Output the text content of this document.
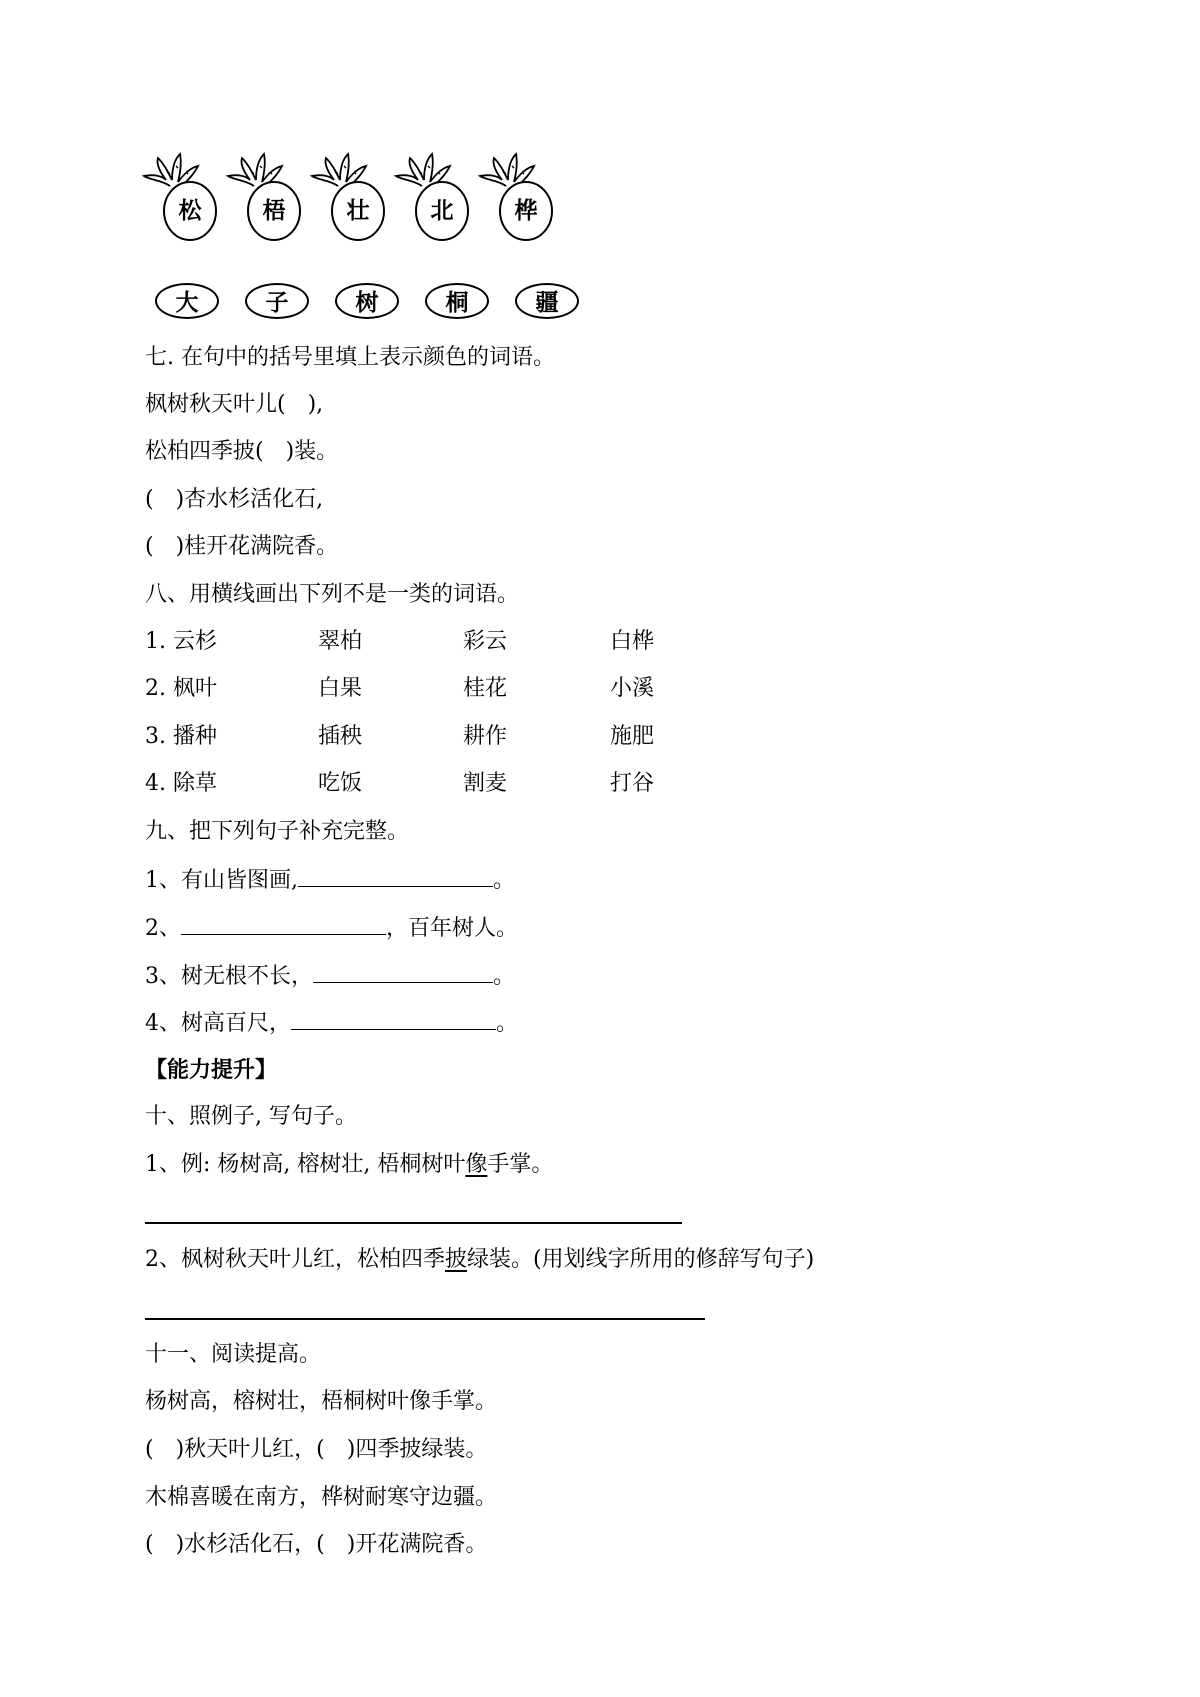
松	梧	壮	北	桦
大	子	树	桐	疆
七. 在句中的括号里填上表示颜色的词语。
枫树秋天叶儿(　),
松柏四季披(　)装。
(　)杏水杉活化石,
(　)桂开花满院香。
八、用横线画出下列不是一类的词语。
1. 云杉	翠柏	彩云	白桦
2. 枫叶	白果	桂花	小溪
3. 播种	插秧	耕作	施肥
4. 除草	吃饭	割麦	打谷
九、把下列句子补充完整。
1、有山皆图画,	。
2、	，百年树人。
3、树无根不长，	。
4、树高百尺，	。
【能力提升】
十、照例子, 写句子。
1、例: 杨树高, 榕树壮, 梧桐树叶像手掌。
2、枫树秋天叶儿红，松柏四季披绿装。(用划线字所用的修辞写句子)
十一、阅读提高。
杨树高，榕树壮，梧桐树叶像手掌。
(　)秋天叶儿红，(　)四季披绿装。
木棉喜暖在南方，桦树耐寒守边疆。
(　)水杉活化石，(　)开花满院香。
